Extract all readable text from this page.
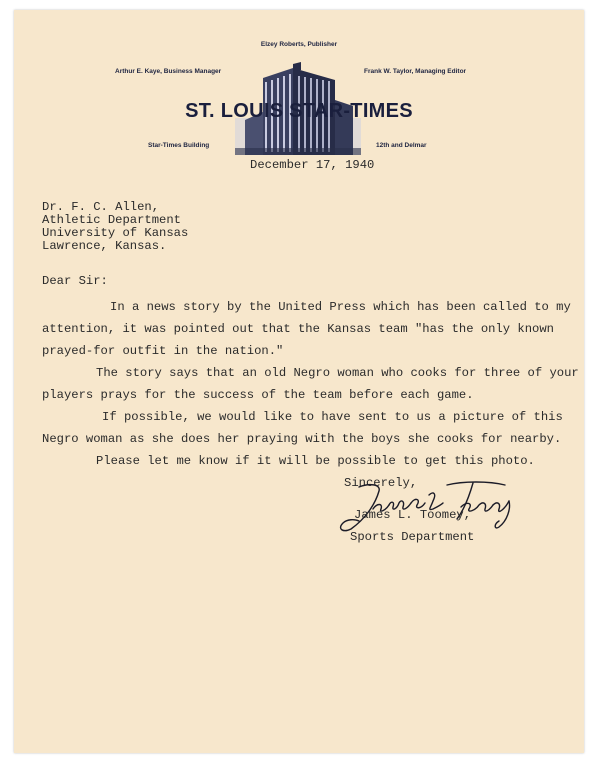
Elzey Roberts, Publisher
Arthur E. Kaye, Business Manager	Frank W. Taylor, Managing Editor
ST. LOUIS STAR-TIMES
Star-Times Building	12th and Delmar
December 17, 1940
Dr. F. C. Allen,
Athletic Department
University of Kansas
Lawrence, Kansas.
Dear Sir:
In a news story by the United Press which has been called to my
attention, it was pointed out that the Kansas team "has the only known
prayed-for outfit in the nation."
The story says that an old Negro woman who cooks for three of your
players prays for the success of the team before each game.
If possible, we would like to have sent to us a picture of this
Negro woman as she does her praying with the boys she cooks for nearby.
Please let me know if it will be possible to get this photo.
Sincerely,
James L. Toomey,
Sports Department
